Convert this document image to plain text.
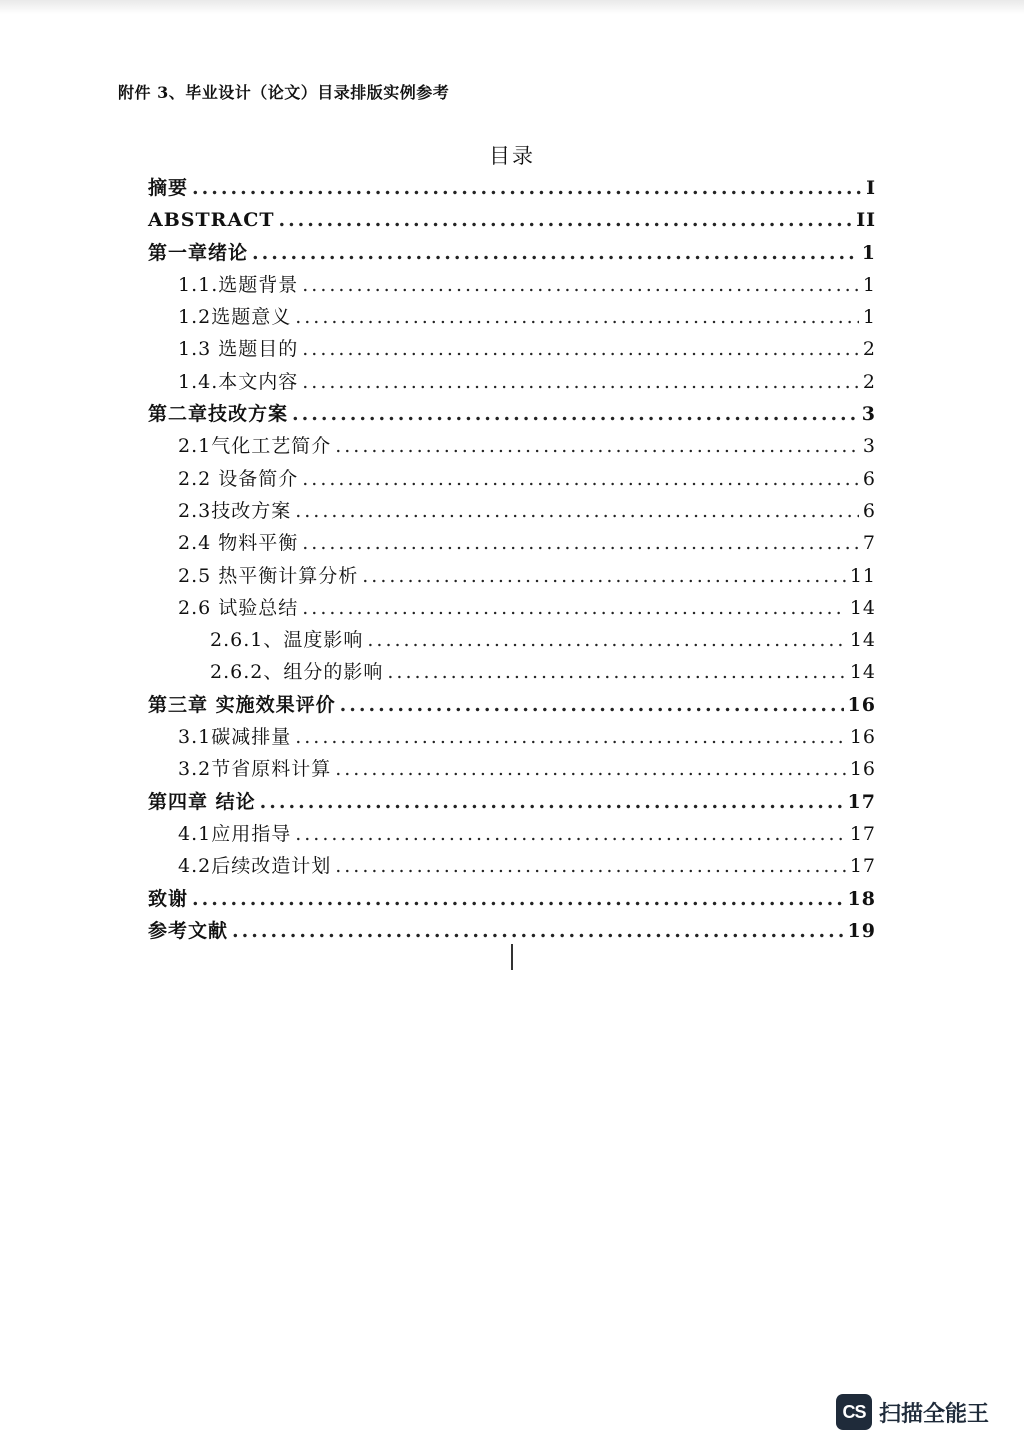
附件 3、毕业设计（论文）目录排版实例参考
目录
摘要 .....	I
ABSTRACT .....	II
第一章绪论 .....	1
1.1.选题背景 .....	1
1.2选题意义 .....	1
1.3 选题目的 .....	2
1.4.本文内容 .....	2
第二章技改方案 .....	3
2.1气化工艺简介 .....	3
2.2 设备简介 .....	6
2.3技改方案 .....	6
2.4 物料平衡 .....	7
2.5 热平衡计算分析 .....	11
2.6 试验总结 .....	14
2.6.1、温度影响 .....	14
2.6.2、组分的影响 .....	14
第三章 实施效果评价 .....	16
3.1碳减排量 .....	16
3.2节省原料计算 .....	16
第四章 结论 .....	17
4.1应用指导 .....	17
4.2后续改造计划 .....	17
致谢 .....	18
参考文献 .....	19
CS 扫描全能王
